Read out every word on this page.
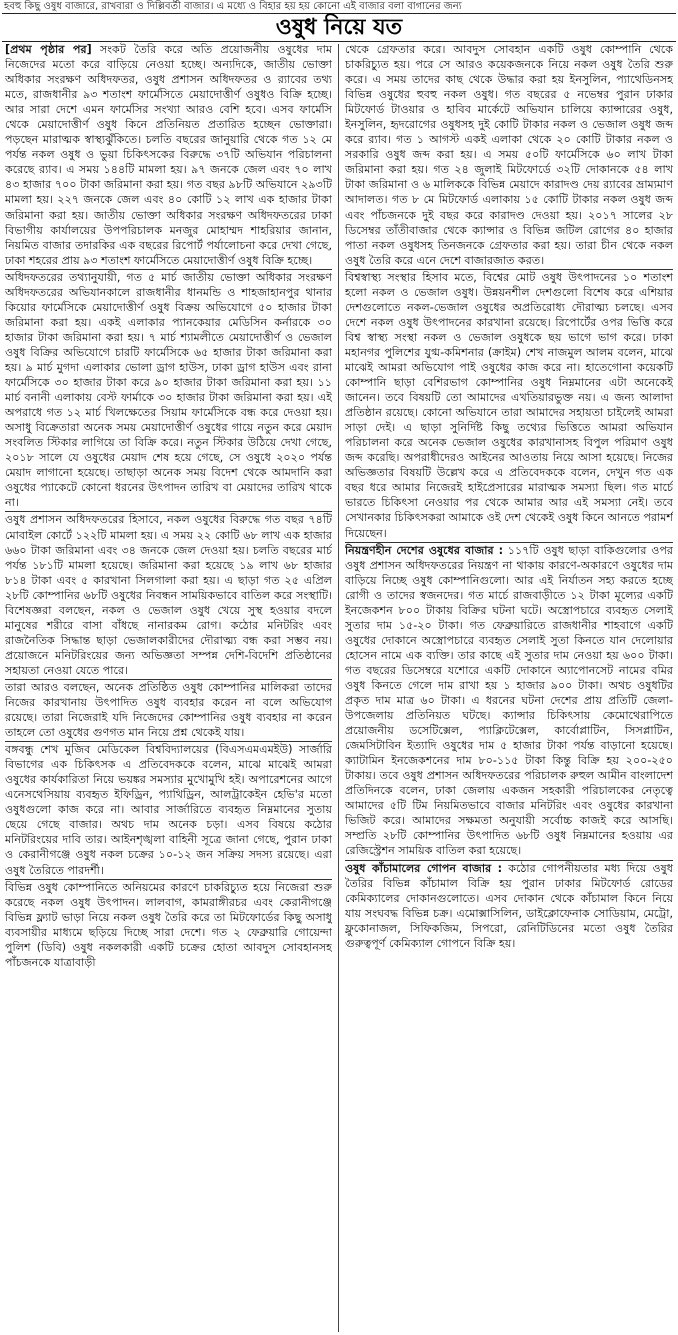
হবহু কিছু ওষুধ বাজারে, রাখবারা ও দিল্লিবর্তী বাজার। এ মধ্যে ও বিহার হয় হয় কোনো এই বাজার বলা বাগানের জন্য
ওষুধ নিয়ে যত

[প্রথম পৃষ্ঠার পর] সংকট তৈরি করে অতি প্রয়োজনীয় ওষুধের দাম নিজেদের মতো করে বাড়িয়ে নেওয়া হচ্ছে। অন্যদিকে, জাতীয় ভোক্তা অধিকার সংরক্ষণ অধিদফতর, ওষুধ প্রশাসন অধিদফতর ও র‍্যাবের তথ্য মতে, রাজধানীর ৯৩ শতাংশ ফার্মেসিতে মেয়াদোত্তীর্ণ ওষুধও বিক্রি হচ্ছে। আর সারা দেশে এমন ফার্মেসির সংখ্যা আরও বেশি হবে। এসব ফার্মেসি থেকে মেয়াদোত্তীর্ণ ওষুধ কিনে প্রতিনিয়ত প্রতারিত হচ্ছেন ভোক্তারা। পড়ছেন মারাত্মক স্বাস্থ্যঝুঁকিতে। চলতি বছরের জানুয়ারি থেকে গত ১২ মে পর্যন্ত নকল ওষুধ ও ভুয়া চিকিৎসকের বিরুদ্ধে ৩৭টি অভিযান পরিচালনা করেছে র‍্যাব। এ সময় ১৪৪টি মামলা হয়। ৯৭ জনকে জেল এবং ৭০ লাখ ৪৩ হাজার ৭০০ টাকা জরিমানা করা হয়। গত বছর ৯৮টি অভিযানে ২৯৩টি মামলা হয়। ২২৭ জনকে জেল এবং ৪০ কোটি ১২ লাখ এক হাজার টাকা জরিমানা করা হয়। জাতীয় ভোক্তা অধিকার সংরক্ষণ অধিদফতরের ঢাকা বিভাগীয় কার্যালয়ের উপপরিচালক মনজুর মোহাম্মদ শাহরিয়ার জানান, নিয়মিত বাজার তদারকির এক বছরের রিপোর্ট পর্যালোচনা করে দেখা গেছে, ঢাকা শহরের প্রায় ৯৩ শতাংশ ফার্মেসিতে মেয়াদোত্তীর্ণ ওষুধ বিক্রি হচ্ছে।

অধিদফতরের তথ্যানুযায়ী, গত ৫ মার্চ জাতীয় ভোক্তা অধিকার সংরক্ষণ অধিদফতরের অভিযানকালে রাজধানীর ধানমন্ডি ও শাহজাহানপুর থানার কিয়োর ফার্মেসিকে মেয়াদোত্তীর্ণ ওষুধ বিক্রয় অভিযোগে ৫০ হাজার টাকা জরিমানা করা হয়। একই এলাকার প্যানকেয়ার মেডিসিন কর্নারকে ৩০ হাজার টাকা জরিমানা করা হয়। ৭ মার্চ শ্যামলীতে মেয়াদোত্তীর্ণ ও ভেজাল ওষুধ বিক্রির অভিযোগে চারটি ফার্মেসিকে ৬৫ হাজার টাকা জরিমানা করা হয়। ৯ মার্চ মুগদা এলাকার ভোলা ড্রাগ হাউস, ঢাকা ড্রাগ হাউস এবং রানা ফার্মেসিকে ৩০ হাজার টাকা করে ৯০ হাজার টাকা জরিমানা করা হয়। ১১ মার্চ বনানী এলাকায় বেস্ট ফার্মাকে ৩০ হাজার টাকা জরিমানা করা হয়। এই অপরাধে গত ১২ মার্চ খিলক্ষেতের সিয়াম ফার্মেসিকে বন্ধ করে দেওয়া হয়। অসাধু বিক্রেতারা অনেক সময় মেয়াদোত্তীর্ণ ওষুধের গায়ে নতুন করে মেয়াদ সংবলিত স্টিকার লাগিয়ে তা বিক্রি করে। নতুন স্টিকার উঠিয়ে দেখা গেছে, ২০১৮ সালে যে ওষুধের মেয়াদ শেষ হয়ে গেছে, সে ওষুধে ২০২০ পর্যন্ত মেয়াদ লাগানো হয়েছে। তাছাড়া অনেক সময় বিদেশ থেকে আমদানি করা ওষুধের প্যাকেটে কোনো ধরনের উৎপাদন তারিখ বা মেয়াদের তারিখ থাকে না।

ওষুধ প্রশাসন অধিদফতরের হিসাবে, নকল ওষুধের বিরুদ্ধে গত বছর ৭৪টি মোবাইল কোর্টে ১২২টি মামলা হয়। এ সময় ২২ কোটি ৬৮ লাখ এক হাজার ৬৬০ টাকা জরিমানা এবং ৩৪ জনকে জেল দেওয়া হয়। চলতি বছরের মার্চ পর্যন্ত ১৮১টি মামলা হয়েছে। জরিমানা করা হয়েছে ১৯ লাখ ৬৮ হাজার ৮১৪ টাকা এবং ৫ কারখানা সিলগালা করা হয়। এ ছাড়া গত ২৫ এপ্রিল ২৮টি কোম্পানির ৬৮টি ওষুধের নিবন্ধন সাময়িকভাবে বাতিল করে সংস্থাটি। বিশেষজ্ঞরা বলছেন, নকল ও ভেজাল ওষুধ খেয়ে সুস্থ হওয়ার বদলে মানুষের শরীরে বাসা বাঁধছে নানারকম রোগ। কঠোর মনিটরিং এবং রাজনৈতিক সিদ্ধান্ত ছাড়া ভেজালকারীদের দৌরাত্ম্য বন্ধ করা সম্ভব নয়। প্রয়োজনে মনিটরিংয়ের জন্য অভিজ্ঞতা সম্পন্ন দেশি-বিদেশি প্রতিষ্ঠানের সহায়তা নেওয়া যেতে পারে।

তারা আরও বলছেন, অনেক প্রতিষ্ঠিত ওষুধ কোম্পানির মালিকরা তাদের নিজের কারখানায় উৎপাদিত ওষুধ ব্যবহার করেন না বলে অভিযোগ রয়েছে। তারা নিজেরাই যদি নিজেদের কোম্পানির ওষুধ ব্যবহার না করেন তাহলে তো ওষুধের গুণগত মান নিয়ে প্রশ্ন থেকেই যায়।

বঙ্গবন্ধু শেখ মুজিব মেডিকেল বিশ্ববিদ্যালয়ের (বিএসএমএমইউ) সার্জারি বিভাগের এক চিকিৎসক এ প্রতিবেদককে বলেন, মাঝে মাঝেই আমরা ওষুধের কার্যকারিতা নিয়ে ভয়ঙ্কর সমস্যার মুখোমুখি হই। অপারেশনের আগে এনেসথেসিয়ায় ব্যবহৃত ইফিড্রিন, প্যাথিড্রিন, আলট্রাকেইন হেভি'র মতো ওষুধগুলো কাজ করে না। আবার সার্জারিতে ব্যবহৃত নিম্নমানের সুতায় ছেয়ে গেছে বাজার। অথচ দাম অনেক চড়া। এসব বিষয়ে কঠোর মনিটরিংয়ের দাবি তার। আইনশৃঙ্খলা বাহিনী সূত্রে জানা গেছে, পুরান ঢাকা ও কেরানীগঞ্জে ওষুধ নকল চক্রের ১০-১২ জন সক্রিয় সদস্য রয়েছে। এরা ওষুধ তৈরিতে পারদর্শী।

বিভিন্ন ওষুধ কোম্পানিতে অনিয়মের কারণে চাকরিচ্যুত হয়ে নিজেরা শুরু করেছে নকল ওষুধ উৎপাদন। লালবাগ, কামরাঙ্গীরচর এবং কেরানীগঞ্জে বিভিন্ন ফ্ল্যাট ভাড়া নিয়ে নকল ওষুধ তৈরি করে তা মিটফোর্ডের কিছু অসাধু ব্যবসায়ীর মাধ্যমে ছড়িয়ে দিচ্ছে সারা দেশে। গত ২ ফেব্রুয়ারি গোয়েন্দা পুলিশ (ডিবি) ওষুধ নকলকারী একটি চক্রের হোতা আবদুস সোবহানসহ পাঁচজনকে যাত্রাবাড়ী

থেকে গ্রেফতার করে। আবদুস সোবহান একটি ওষুধ কোম্পানি থেকে চাকরিচ্যুত হয়। পরে সে আরও কয়েকজনকে নিয়ে নকল ওষুধ তৈরি শুরু করে। এ সময় তাদের কাছ থেকে উদ্ধার করা হয় ইনসুলিন, প্যাথেডিনসহ বিভিন্ন ওষুধের হুবহু নকল ওষুধ। গত বছরের ৫ নভেম্বর পুরান ঢাকার মিটফোর্ড টাওয়ার ও হাবিব মার্কেটে অভিযান চালিয়ে ক্যান্সারের ওষুধ, ইনসুলিন, হৃদরোগের ওষুধসহ দুই কোটি টাকার নকল ও ভেজাল ওষুধ জব্দ করে র‍্যাব। গত ১ আগস্ট একই এলাকা থেকে ২০ কোটি টাকার নকল ও সরকারি ওষুধ জব্দ করা হয়। এ সময় ৫০টি ফার্মেসিকে ৬০ লাখ টাকা জরিমানা করা হয়। গত ২৪ জুলাই মিটফোর্ডে ৩২টি দোকানকে ৫৪ লাখ টাকা জরিমানা ও ৬ মালিককে বিভিন্ন মেয়াদে কারাদণ্ড দেয় র‍্যাবের ভ্রাম্যমাণ আদালত। গত ৮ মে মিটফোর্ড এলাকায় ১৫ কোটি টাকার নকল ওষুধ জব্দ এবং পাঁচজনকে দুই বছর করে কারাদণ্ড দেওয়া হয়। ২০১৭ সালের ২৮ ডিসেম্বর তাঁতীবাজার থেকে ক্যান্সার ও বিভিন্ন জটিল রোগের ৪০ হাজার পাতা নকল ওষুধসহ তিনজনকে গ্রেফতার করা হয়। তারা চীন থেকে নকল ওষুধ তৈরি করে এনে দেশে বাজারজাত করত।

বিশ্বস্বাস্থ্য সংস্থার হিসাব মতে, বিশ্বের মোট ওষুধ উৎপাদনের ১০ শতাংশ হলো নকল ও ভেজাল ওষুধ। উন্নয়নশীল দেশগুলো বিশেষ করে এশিয়ার দেশগুলোতে নকল-ভেজাল ওষুধের অপ্রতিরোধ্য দৌরাত্ম্য চলছে। এসব দেশে নকল ওষুধ উৎপাদনের কারখানা রয়েছে। রিপোর্টের ওপর ভিত্তি করে বিশ্ব স্বাস্থ্য সংস্থা নকল ও ভেজাল ওষুধকে ছয় ভাগে ভাগ করে। ঢাকা মহানগর পুলিশের যুগ্ম-কমিশনার (ক্রাইম) শেখ নাজমুল আলম বলেন, মাঝে মাঝেই আমরা অভিযোগ পাই ওষুধের কাজ করে না। হাতেগোনা কয়েকটি কোম্পানি ছাড়া বেশিরভাগ কোম্পানির ওষুধ নিম্নমানের এটা অনেকেই জানেন। তবে বিষয়টি তো আমাদের এখতিয়ারভুক্ত নয়। এ জন্য আলাদা প্রতিষ্ঠান রয়েছে। কোনো অভিযানে তারা আমাদের সহায়তা চাইলেই আমরা সাড়া দেই। এ ছাড়া সুনির্দিষ্ট কিছু তথ্যের ভিত্তিতে আমরা অভিযান পরিচালনা করে অনেক ভেজাল ওষুধের কারখানাসহ বিপুল পরিমাণ ওষুধ জব্দ করেছি। অপরাধীদেরও আইনের আওতায় নিয়ে আসা হয়েছে। নিজের অভিজ্ঞতার বিষয়টি উল্লেখ করে এ প্রতিবেদককে বলেন, দেখুন গত এক বছর ধরে আমার নিজেরই হাইপ্রেসারের মারাত্মক সমস্যা ছিল। গত মার্চে ভারতে চিকিৎসা নেওয়ার পর থেকে আমার আর এই সমস্যা নেই। তবে সেখানকার চিকিৎসকরা আমাকে ওই দেশ থেকেই ওষুধ কিনে আনতে পরামর্শ দিয়েছেন।

নিয়ন্ত্রণহীন দেশের ওষুধের বাজার : ১১৭টি ওষুধ ছাড়া বাকিগুলোর ওপর ওষুধ প্রশাসন অধিদফতরের নিয়ন্ত্রণ না থাকায় কারণে-অকারণে ওষুধের দাম বাড়িয়ে নিচ্ছে ওষুধ কোম্পানিগুলো। আর এই নির্যাতন সহ্য করতে হচ্ছে রোগী ও তাদের স্বজনদের। গত মার্চে রাজবাড়ীতে ১২ টাকা মূল্যের একটি ইনজেকশন ৮০০ টাকায় বিক্রির ঘটনা ঘটে। অস্ত্রোপচারে ব্যবহৃত সেলাই সুতার দাম ১৫-২০ টাকা। গত ফেব্রুয়ারিতে রাজধানীর শাহবাগে একটি ওষুধের দোকানে অস্ত্রোপচারে ব্যবহৃত সেলাই সুতা কিনতে যান দেলোয়ার হোসেন নামে এক ব্যক্তি। তার কাছে এই সুতার দাম নেওয়া হয় ৬০০ টাকা। গত বছরের ডিসেম্বরে যশোরে একটি দোকানে অ্যাপোনসেট নামের বমির ওষুধ কিনতে গেলে দাম রাখা হয় ১ হাজার ৯০০ টাকা। অথচ ওষুধটির প্রকৃত দাম মাত্র ৬০ টাকা। এ ধরনের ঘটনা দেশের প্রায় প্রতিটি জেলা-উপজেলায় প্রতিনিয়ত ঘটছে। ক্যান্সার চিকিৎসায় কেমোথেরাপিতে প্রয়োজনীয় ডসেটিক্সেল, প্যাক্লিটেক্সেল, কার্বোপ্লাটিন, সিসপ্লাটিন, জেমসিটাবিন ইত্যাদি ওষুধের দাম ৫ হাজার টাকা পর্যন্ত বাড়ানো হয়েছে। ক্যাটামিন ইনজেকশনের দাম ৮০-১১৫ টাকা কিন্তু বিক্রি হয় ২০০-২৫০ টাকায়। তবে ওষুধ প্রশাসন অধিদফতরের পরিচালক রুহুল আমীন বাংলাদেশ প্রতিদিনকে বলেন, ঢাকা জেলায় একজন সহকারী পরিচালকের নেতৃত্বে আমাদের ৫টি টিম নিয়মিতভাবে বাজার মনিটরিং এবং ওষুধের কারখানা ভিজিট করে। আমাদের সক্ষমতা অনুযায়ী সর্বোচ্চ কাজই করে আসছি। সম্প্রতি ২৮টি কোম্পানির উৎপাদিত ৬৮টি ওষুধ নিম্নমানের হওয়ায় এর রেজিস্ট্রেশন সাময়িক বাতিল করা হয়েছে।

ওষুধ কাঁচামালের গোপন বাজার : কঠোর গোপনীয়তার মধ্য দিয়ে ওষুধ তৈরির বিভিন্ন কাঁচামাল বিক্রি হয় পুরান ঢাকার মিটফোর্ড রোডের কেমিক্যালের দোকানগুলোতে। এসব দোকান থেকে কাঁচামাল কিনে নিয়ে যায় সংঘবদ্ধ বিভিন্ন চক্র। এমোক্সাসিলিন, ডাইক্লোফেনাক সোডিয়াম, মেট্রো, ফ্লুকোনাজল, সিফিকজিম, সিপরো, রেনিটিডিনের মতো ওষুধ তৈরির গুরুত্বপূর্ণ কেমিক্যাল গোপনে বিক্রি হয়।
